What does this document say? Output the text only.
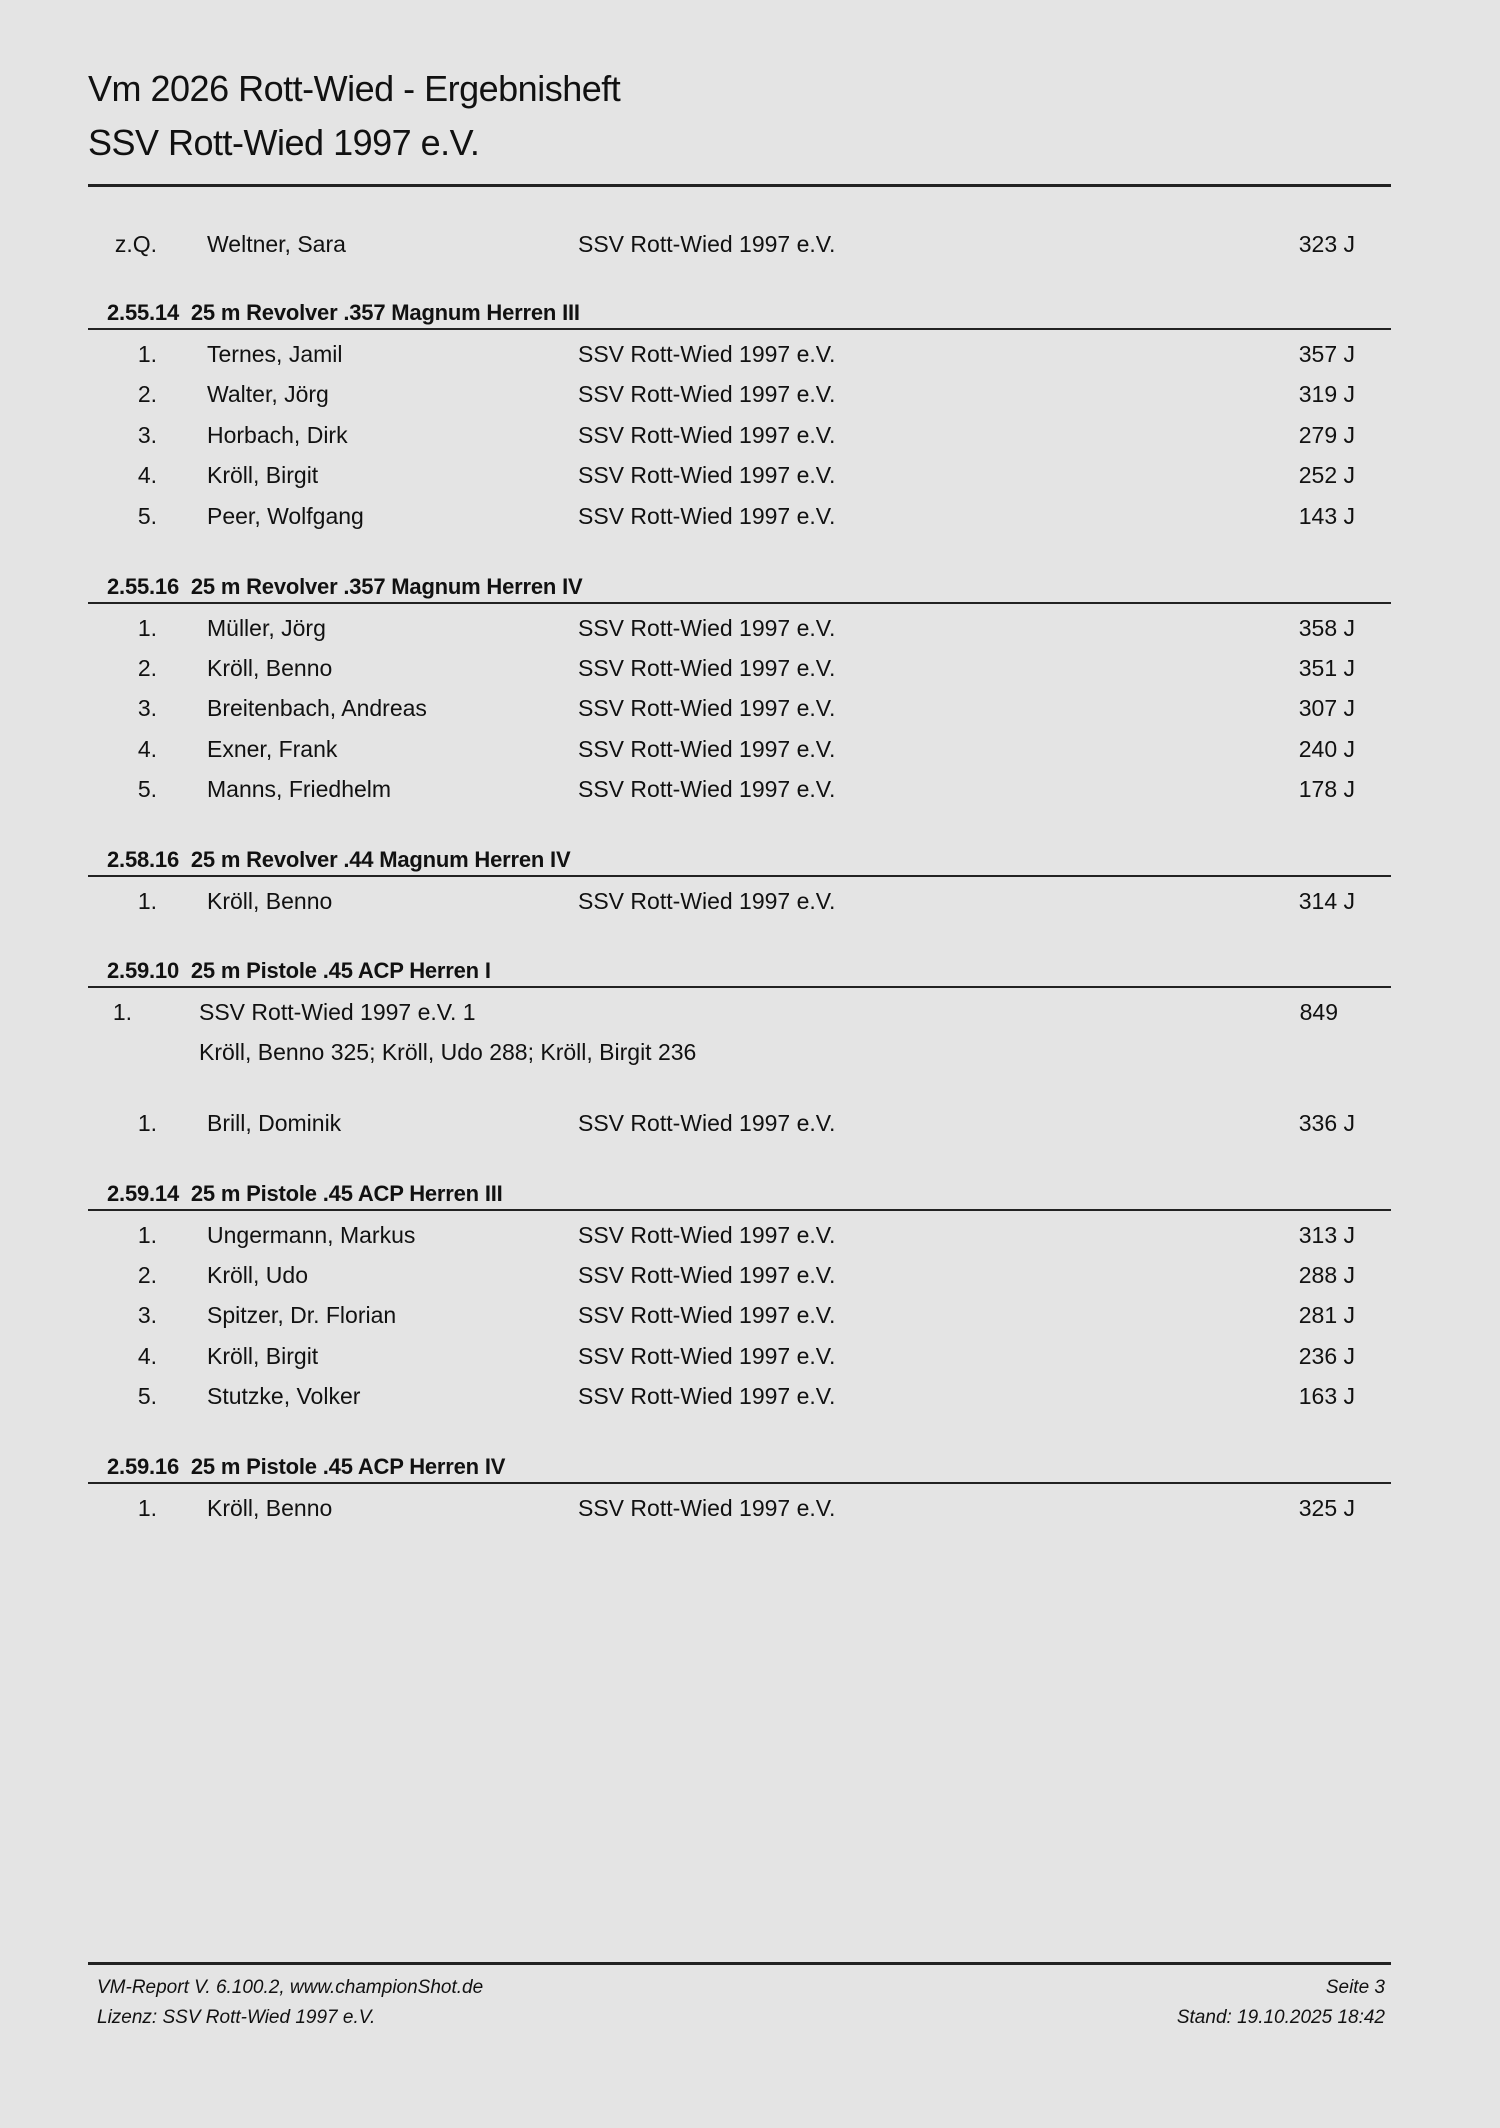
Vm 2026 Rott-Wied - Ergebnisheft
SSV Rott-Wied 1997 e.V.
z.Q. Weltner, Sara	SSV Rott-Wied 1997 e.V.	323 J
2.55.14 25 m Revolver .357 Magnum Herren III
1. Ternes, Jamil	SSV Rott-Wied 1997 e.V.	357 J
2. Walter, Jörg	SSV Rott-Wied 1997 e.V.	319 J
3. Horbach, Dirk	SSV Rott-Wied 1997 e.V.	279 J
4. Kröll, Birgit	SSV Rott-Wied 1997 e.V.	252 J
5. Peer, Wolfgang	SSV Rott-Wied 1997 e.V.	143 J
2.55.16 25 m Revolver .357 Magnum Herren IV
1. Müller, Jörg	SSV Rott-Wied 1997 e.V.	358 J
2. Kröll, Benno	SSV Rott-Wied 1997 e.V.	351 J
3. Breitenbach, Andreas	SSV Rott-Wied 1997 e.V.	307 J
4. Exner, Frank	SSV Rott-Wied 1997 e.V.	240 J
5. Manns, Friedhelm	SSV Rott-Wied 1997 e.V.	178 J
2.58.16 25 m Revolver .44 Magnum Herren IV
1. Kröll, Benno	SSV Rott-Wied 1997 e.V.	314 J
2.59.10 25 m Pistole .45 ACP Herren I
1.	SSV Rott-Wied 1997 e.V. 1	849
Kröll, Benno 325; Kröll, Udo 288; Kröll, Birgit 236
1. Brill, Dominik	SSV Rott-Wied 1997 e.V.	336 J
2.59.14 25 m Pistole .45 ACP Herren III
1. Ungermann, Markus	SSV Rott-Wied 1997 e.V.	313 J
2. Kröll, Udo	SSV Rott-Wied 1997 e.V.	288 J
3. Spitzer, Dr. Florian	SSV Rott-Wied 1997 e.V.	281 J
4. Kröll, Birgit	SSV Rott-Wied 1997 e.V.	236 J
5. Stutzke, Volker	SSV Rott-Wied 1997 e.V.	163 J
2.59.16 25 m Pistole .45 ACP Herren IV
1. Kröll, Benno	SSV Rott-Wied 1997 e.V.	325 J
VM-Report V. 6.100.2, www.championShot.de
Lizenz: SSV Rott-Wied 1997 e.V.
Seite 3
Stand: 19.10.2025 18:42
